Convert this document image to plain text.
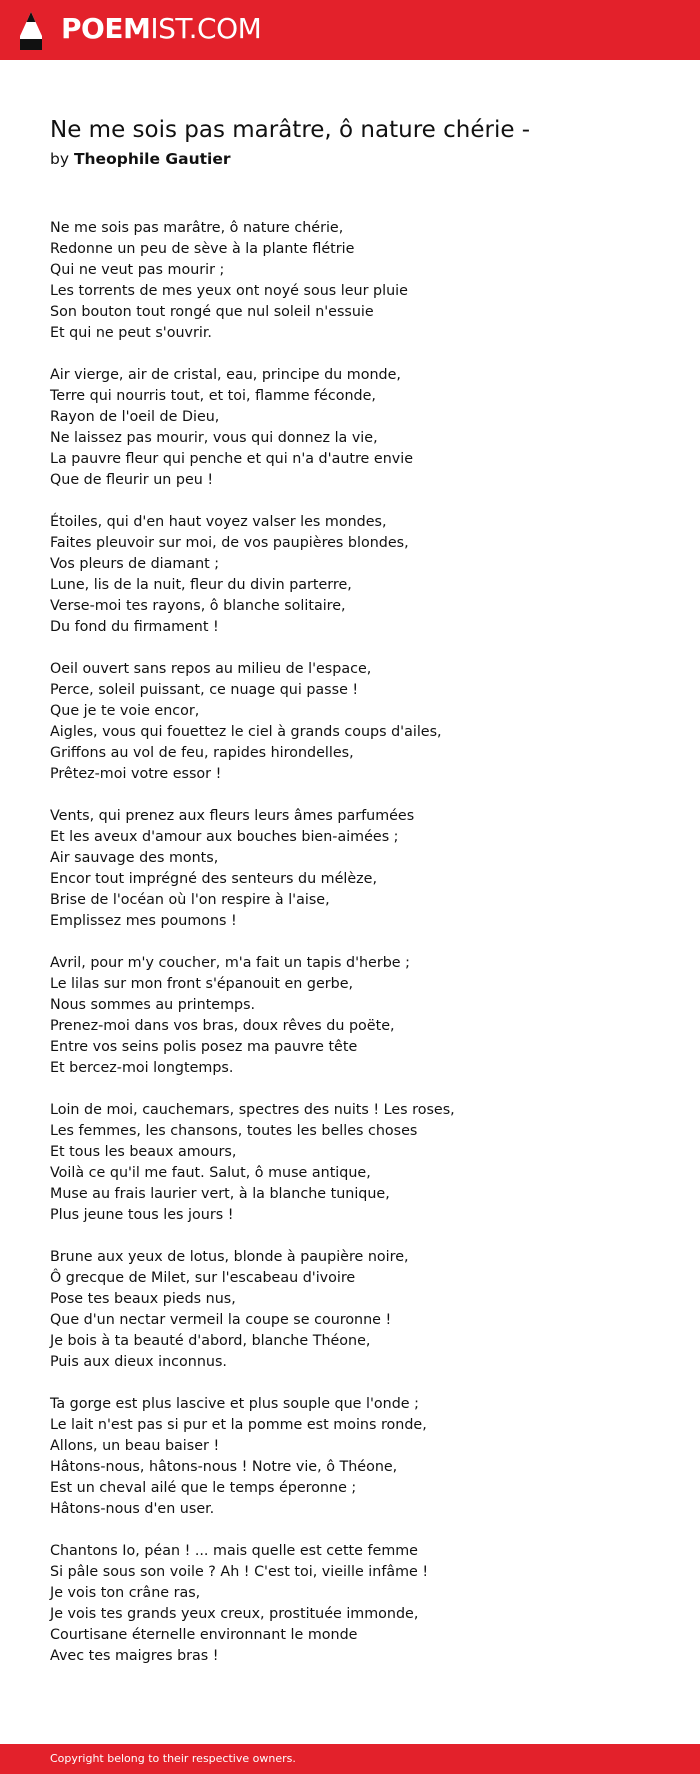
POEMIST.COM
Ne me sois pas marâtre, ô nature chérie -
by Theophile Gautier
Ne me sois pas marâtre, ô nature chérie,
Redonne un peu de sève à la plante flétrie
Qui ne veut pas mourir ;
Les torrents de mes yeux ont noyé sous leur pluie
Son bouton tout rongé que nul soleil n'essuie
Et qui ne peut s'ouvrir.
Air vierge, air de cristal, eau, principe du monde,
Terre qui nourris tout, et toi, flamme féconde,
Rayon de l'oeil de Dieu,
Ne laissez pas mourir, vous qui donnez la vie,
La pauvre fleur qui penche et qui n'a d'autre envie
Que de fleurir un peu !
Étoiles, qui d'en haut voyez valser les mondes,
Faites pleuvoir sur moi, de vos paupières blondes,
Vos pleurs de diamant ;
Lune, lis de la nuit, fleur du divin parterre,
Verse-moi tes rayons, ô blanche solitaire,
Du fond du firmament !
Oeil ouvert sans repos au milieu de l'espace,
Perce, soleil puissant, ce nuage qui passe !
Que je te voie encor,
Aigles, vous qui fouettez le ciel à grands coups d'ailes,
Griffons au vol de feu, rapides hirondelles,
Prêtez-moi votre essor !
Vents, qui prenez aux fleurs leurs âmes parfumées
Et les aveux d'amour aux bouches bien-aimées ;
Air sauvage des monts,
Encor tout imprégné des senteurs du mélèze,
Brise de l'océan où l'on respire à l'aise,
Emplissez mes poumons !
Avril, pour m'y coucher, m'a fait un tapis d'herbe ;
Le lilas sur mon front s'épanouit en gerbe,
Nous sommes au printemps.
Prenez-moi dans vos bras, doux rêves du poëte,
Entre vos seins polis posez ma pauvre tête
Et bercez-moi longtemps.
Loin de moi, cauchemars, spectres des nuits ! Les roses,
Les femmes, les chansons, toutes les belles choses
Et tous les beaux amours,
Voilà ce qu'il me faut. Salut, ô muse antique,
Muse au frais laurier vert, à la blanche tunique,
Plus jeune tous les jours !
Brune aux yeux de lotus, blonde à paupière noire,
Ô grecque de Milet, sur l'escabeau d'ivoire
Pose tes beaux pieds nus,
Que d'un nectar vermeil la coupe se couronne !
Je bois à ta beauté d'abord, blanche Théone,
Puis aux dieux inconnus.
Ta gorge est plus lascive et plus souple que l'onde ;
Le lait n'est pas si pur et la pomme est moins ronde,
Allons, un beau baiser !
Hâtons-nous, hâtons-nous ! Notre vie, ô Théone,
Est un cheval ailé que le temps éperonne ;
Hâtons-nous d'en user.
Chantons Io, péan ! ... mais quelle est cette femme
Si pâle sous son voile ? Ah ! C'est toi, vieille infâme !
Je vois ton crâne ras,
Je vois tes grands yeux creux, prostituée immonde,
Courtisane éternelle environnant le monde
Avec tes maigres bras !
Copyright belong to their respective owners.
